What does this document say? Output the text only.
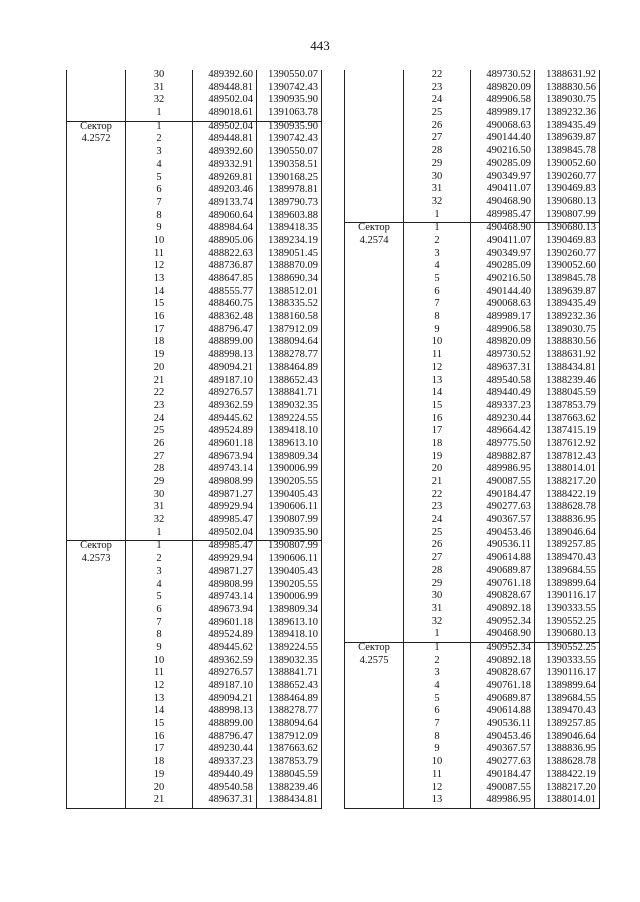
443
	30	489392.60	1390550.07
	31	489448.81	1390742.43
	32	489502.04	1390935.90
	1	489018.61	1391063.78
Сектор	1	489502.04	1390935.90
4.2572	2	489448.81	1390742.43
	3	489392.60	1390550.07
	4	489332.91	1390358.51
	5	489269.81	1390168.25
	6	489203.46	1389978.81
	7	489133.74	1389790.73
	8	489060.64	1389603.88
	9	488984.64	1389418.35
	10	488905.06	1389234.19
	11	488822.63	1389051.45
	12	488736.87	1388870.09
	13	488647.85	1388690.34
	14	488555.77	1388512.01
	15	488460.75	1388335.52
	16	488362.48	1388160.58
	17	488796.47	1387912.09
	18	488899.00	1388094.64
	19	488998.13	1388278.77
	20	489094.21	1388464.89
	21	489187.10	1388652.43
	22	489276.57	1388841.71
	23	489362.59	1389032.35
	24	489445.62	1389224.55
	25	489524.89	1389418.10
	26	489601.18	1389613.10
	27	489673.94	1389809.34
	28	489743.14	1390006.99
	29	489808.99	1390205.55
	30	489871.27	1390405.43
	31	489929.94	1390606.11
	32	489985.47	1390807.99
	1	489502.04	1390935.90
Сектор	1	489985.47	1390807.99
4.2573	2	489929.94	1390606.11
	3	489871.27	1390405.43
	4	489808.99	1390205.55
	5	489743.14	1390006.99
	6	489673.94	1389809.34
	7	489601.18	1389613.10
	8	489524.89	1389418.10
	9	489445.62	1389224.55
	10	489362.59	1389032.35
	11	489276.57	1388841.71
	12	489187.10	1388652.43
	13	489094.21	1388464.89
	14	488998.13	1388278.77
	15	488899.00	1388094.64
	16	488796.47	1387912.09
	17	489230.44	1387663.62
	18	489337.23	1387853.79
	19	489440.49	1388045.59
	20	489540.58	1388239.46
	21	489637.31	1388434.81
	22	489730.52	1388631.92
	23	489820.09	1388830.56
	24	489906.58	1389030.75
	25	489989.17	1389232.36
	26	490068.63	1389435.49
	27	490144.40	1389639.87
	28	490216.50	1389845.78
	29	490285.09	1390052.60
	30	490349.97	1390260.77
	31	490411.07	1390469.83
	32	490468.90	1390680.13
	1	489985.47	1390807.99
Сектор	1	490468.90	1390680.13
4.2574	2	490411.07	1390469.83
	3	490349.97	1390260.77
	4	490285.09	1390052.60
	5	490216.50	1389845.78
	6	490144.40	1389639.87
	7	490068.63	1389435.49
	8	489989.17	1389232.36
	9	489906.58	1389030.75
	10	489820.09	1388830.56
	11	489730.52	1388631.92
	12	489637.31	1388434.81
	13	489540.58	1388239.46
	14	489440.49	1388045.59
	15	489337.23	1387853.79
	16	489230.44	1387663.62
	17	489664.42	1387415.19
	18	489775.50	1387612.92
	19	489882.87	1387812.43
	20	489986.95	1388014.01
	21	490087.55	1388217.20
	22	490184.47	1388422.19
	23	490277.63	1388628.78
	24	490367.57	1388836.95
	25	490453.46	1389046.64
	26	490536.11	1389257.85
	27	490614.88	1389470.43
	28	490689.87	1389684.55
	29	490761.18	1389899.64
	30	490828.67	1390116.17
	31	490892.18	1390333.55
	32	490952.34	1390552.25
	1	490468.90	1390680.13
Сектор	1	490952.34	1390552.25
4.2575	2	490892.18	1390333.55
	3	490828.67	1390116.17
	4	490761.18	1389899.64
	5	490689.87	1389684.55
	6	490614.88	1389470.43
	7	490536.11	1389257.85
	8	490453.46	1389046.64
	9	490367.57	1388836.95
	10	490277.63	1388628.78
	11	490184.47	1388422.19
	12	490087.55	1388217.20
	13	489986.95	1388014.01
